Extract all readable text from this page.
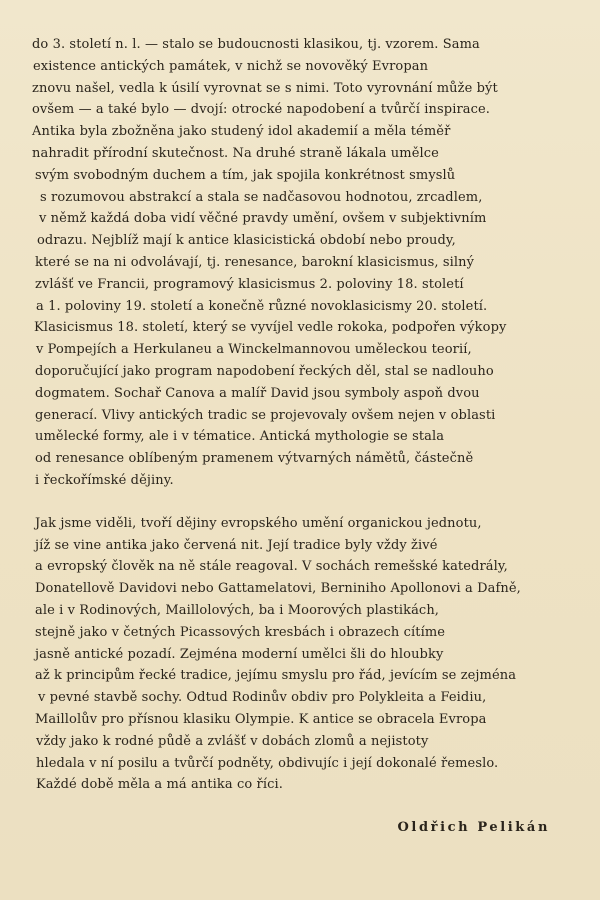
do 3. století n. l. — stalo se budoucnosti klasikou, tj. vzorem. Sama
existence antických památek, v nichž se novověký Evropan
znovu našel, vedla k úsilí vyrovnat se s nimi. Toto vyrovnání může být
ovšem — a také bylo — dvojí: otrocké napodobení a tvůrčí inspirace.
Antika byla zbožněna jako studený idol akademií a měla téměř
nahradit přírodní skutečnost. Na druhé straně lákala umělce
svým svobodným duchem a tím, jak spojila konkrétnost smyslů
s rozumovou abstrakcí a stala se nadčasovou hodnotou, zrcadlem,
v němž každá doba vidí věčné pravdy umění, ovšem v subjektivním
odrazu. Nejblíž mají k antice klasicistická období nebo proudy,
které se na ni odvolávají, tj. renesance, barokní klasicismus, silný
zvlášť ve Francii, programový klasicismus 2. poloviny 18. století
a 1. poloviny 19. století a konečně různé novoklasicismy 20. století.
Klasicismus 18. století, který se vyvíjel vedle rokoka, podpořen výkopy
v Pompejích a Herkulaneu a Winckelmannovou uměleckou teorií,
doporučující jako program napodobení řeckých děl, stal se nadlouho
dogmatem. Sochař Canova a malíř David jsou symboly aspoň dvou
generací. Vlivy antických tradic se projevovaly ovšem nejen v oblasti
umělecké formy, ale i v tématice. Antická mythologie se stala
od renesance oblíbeným pramenem výtvarných námětů, částečně
i řeckořímské dějiny.

Jak jsme viděli, tvoří dějiny evropského umění organickou jednotu,
jíž se vine antika jako červená nit. Její tradice byly vždy živé
a evropský člověk na ně stále reagoval. V sochách remešské katedrály,
Donatellově Davidovi nebo Gattamelatovi, Berniniho Apollonovi a Dafně,
ale i v Rodinových, Maillolových, ba i Moorových plastikách,
stejně jako v četných Picassových kresbách i obrazech cítíme
jasně antické pozadí. Zejména moderní umělci šli do hloubky
až k principům řecké tradice, jejímu smyslu pro řád, jevícím se zejména
v pevné stavbě sochy. Odtud Rodinův obdiv pro Polykleita a Feidiu,
Maillolův pro přísnou klasiku Olympie. K antice se obracela Evropa
vždy jako k rodné půdě a zvlášť v dobách zlomů a nejistoty
hledala v ní posilu a tvůrčí podněty, obdivujíc i její dokonalé řemeslo.
Každé době měla a má antika co říci.

Oldřich Pelikán
